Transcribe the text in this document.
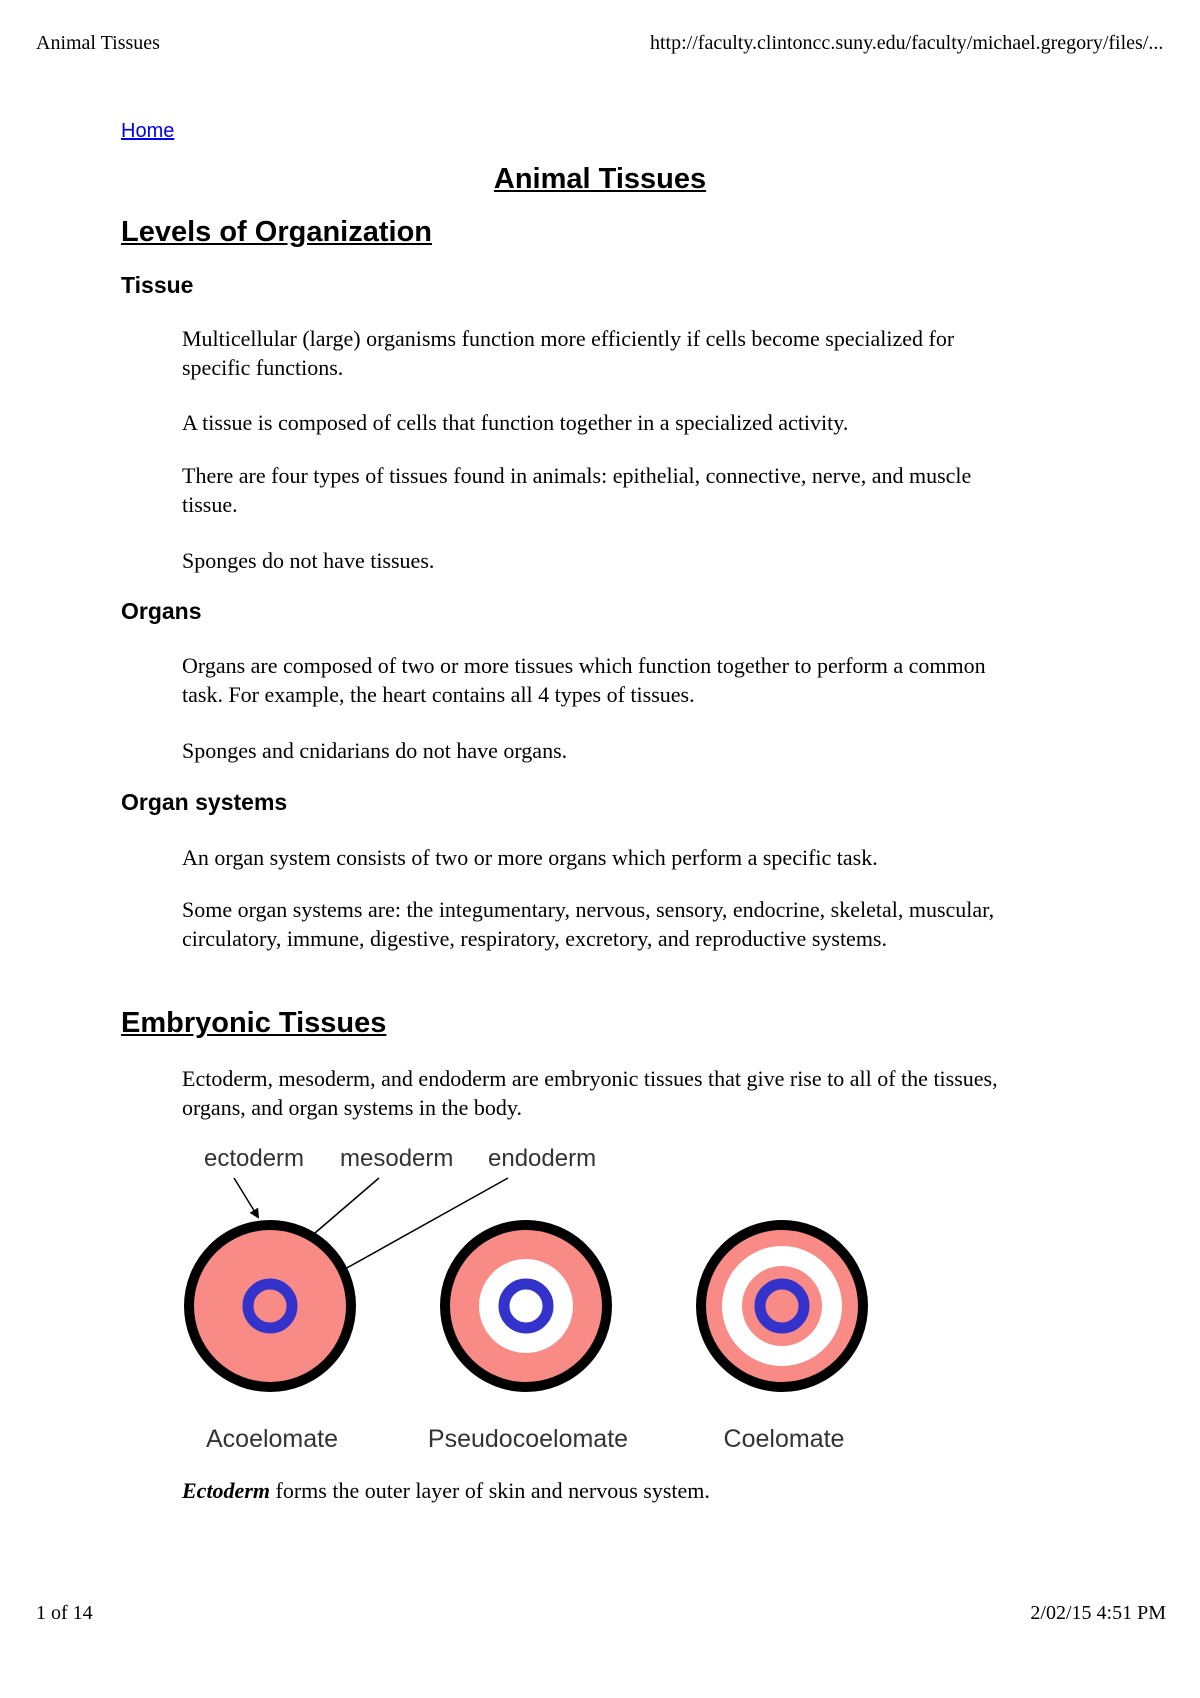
Animal Tissues	http://faculty.clintoncc.suny.edu/faculty/michael.gregory/files/...
Home
Animal Tissues
Levels of Organization
Tissue

Multicellular (large) organisms function more efficiently if cells become specialized for specific functions.

A tissue is composed of cells that function together in a specialized activity.

There are four types of tissues found in animals: epithelial, connective, nerve, and muscle tissue.

Sponges do not have tissues.

Organs

Organs are composed of two or more tissues which function together to perform a common task. For example, the heart contains all 4 types of tissues.

Sponges and cnidarians do not have organs.

Organ systems

An organ system consists of two or more organs which perform a specific task.

Some organ systems are: the integumentary, nervous, sensory, endocrine, skeletal, muscular, circulatory, immune, digestive, respiratory, excretory, and reproductive systems.

Embryonic Tissues

Ectoderm, mesoderm, and endoderm are embryonic tissues that give rise to all of the tissues, organs, and organ systems in the body.

ectoderm mesoderm endoderm
Acoelomate	Pseudocoelomate	Coelomate

Ectoderm forms the outer layer of skin and nervous system.

1 of 14	2/02/15 4:51 PM
